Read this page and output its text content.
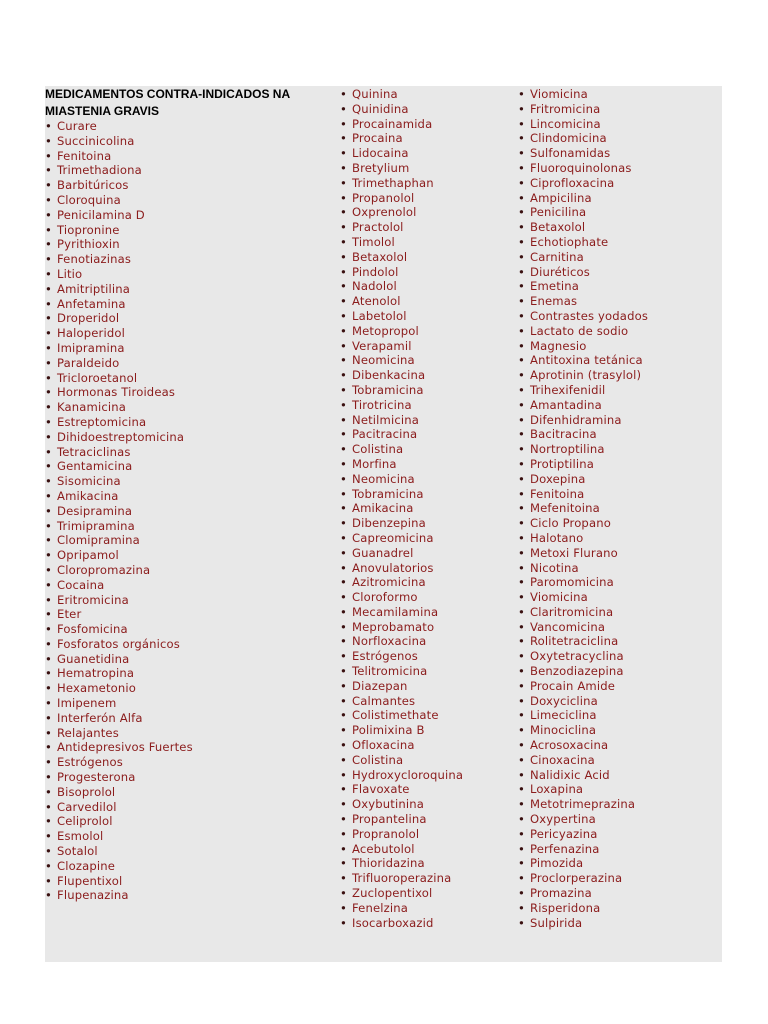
MEDICAMENTOS CONTRA-INDICADOS NA MIASTENIA GRAVIS
• Curare
• Succinicolina
• Fenitoina
• Trimethadiona
• Barbitúricos
• Cloroquina
• Penicilamina D
• Tiopronine
• Pyrithioxin
• Fenotiazinas
• Litio
• Amitriptilina
• Anfetamina
• Droperidol
• Haloperidol
• Imipramina
• Paraldeido
• Tricloroetanol
• Hormonas Tiroideas
• Kanamicina
• Estreptomicina
• Dihidoestreptomicina
• Tetraciclinas
• Gentamicina
• Sisomicina
• Amikacina
• Desipramina
• Trimipramina
• Clomipramina
• Opripamol
• Cloropromazina
• Cocaina
• Eritromicina
• Eter
• Fosfomicina
• Fosforatos orgánicos
• Guanetidina
• Hematropina
• Hexametonio
• Imipenem
• Interferón Alfa
• Relajantes
• Antidepresivos Fuertes
• Estrógenos
• Progesterona
• Bisoprolol
• Carvedilol
• Celiprolol
• Esmolol
• Sotalol
• Clozapine
• Flupentixol
• Flupenazina
• Quinina
• Quinidina
• Procainamida
• Procaina
• Lidocaina
• Bretylium
• Trimethaphan
• Propanolol
• Oxprenolol
• Practolol
• Timolol
• Betaxolol
• Pindolol
• Nadolol
• Atenolol
• Labetolol
• Metopropol
• Verapamil
• Neomicina
• Dibenkacina
• Tobramicina
• Tirotricina
• Netilmicina
• Pacitracina
• Colistina
• Morfina
• Neomicina
• Tobramicina
• Amikacina
• Dibenzepina
• Capreomicina
• Guanadrel
• Anovulatorios
• Azitromicina
• Cloroformo
• Mecamilamina
• Meprobamato
• Norfloxacina
• Estrógenos
• Telitromicina
• Diazepan
• Calmantes
• Colistimethate
• Polimixina B
• Ofloxacina
• Colistina
• Hydroxycloroquina
• Flavoxate
• Oxybutinina
• Propantelina
• Propranolol
• Acebutolol
• Thioridazina
• Trifluoroperazina
• Zuclopentixol
• Fenelzina
• Isocarboxazid
• Viomicina
• Fritromicina
• Lincomicina
• Clindomicina
• Sulfonamidas
• Fluoroquinolonas
• Ciprofloxacina
• Ampicilina
• Penicilina
• Betaxolol
• Echotiophate
• Carnitina
• Diuréticos
• Emetina
• Enemas
• Contrastes yodados
• Lactato de sodio
• Magnesio
• Antitoxina tetánica
• Aprotinin (trasylol)
• Trihexifenidil
• Amantadina
• Difenhidramina
• Bacitracina
• Nortroptilina
• Protiptilina
• Doxepina
• Fenitoina
• Mefenitoina
• Ciclo Propano
• Halotano
• Metoxi Flurano
• Nicotina
• Paromomicina
• Viomicina
• Claritromicina
• Vancomicina
• Rolitetraciclina
• Oxytetracyclina
• Benzodiazepina
• Procain Amide
• Doxyciclina
• Limeciclina
• Minociclina
• Acrosoxacina
• Cinoxacina
• Nalidixic Acid
• Loxapina
• Metotrimeprazina
• Oxypertina
• Pericyazina
• Perfenazina
• Pimozida
• Proclorperazina
• Promazina
• Risperidona
• Sulpirida
